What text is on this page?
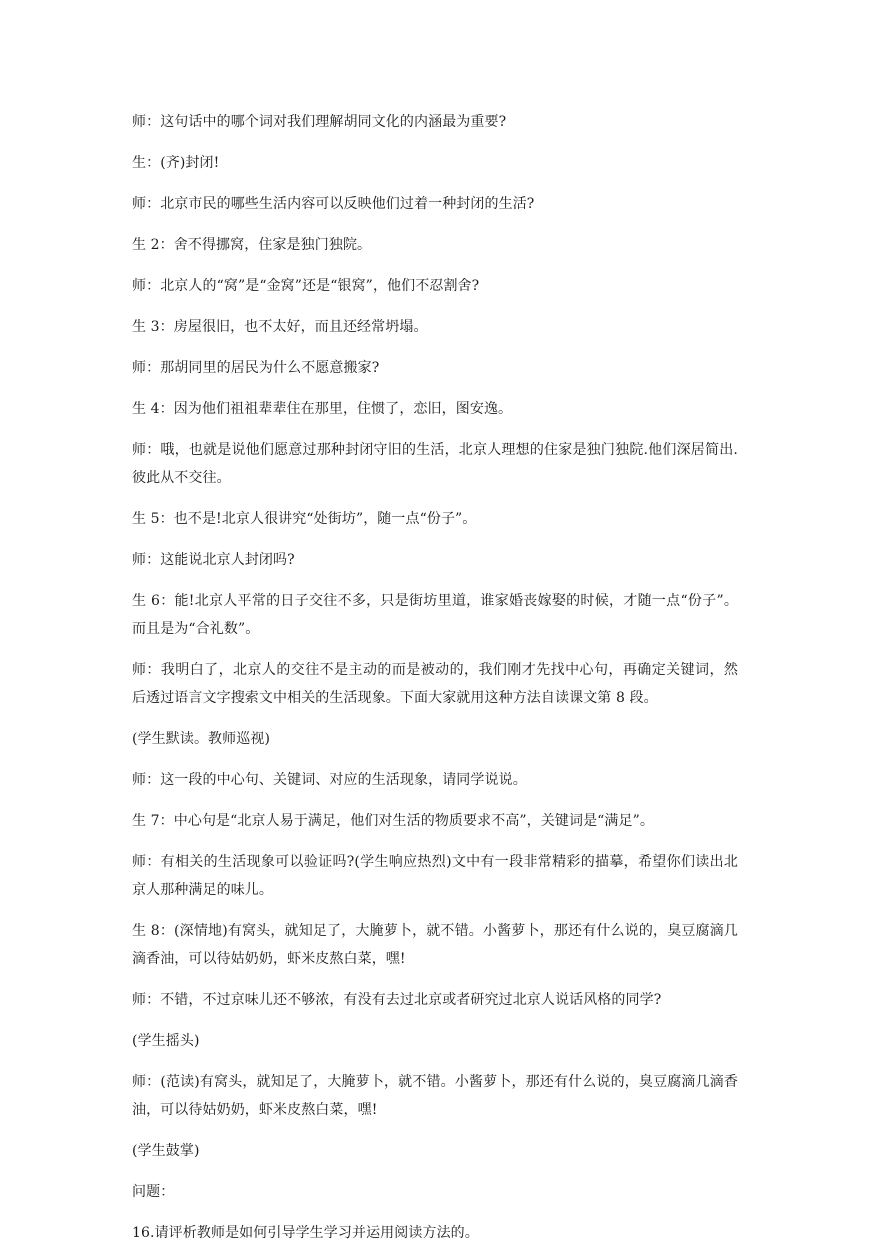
师：这句话中的哪个词对我们理解胡同文化的内涵最为重要?

生：(齐)封闭!

师：北京市民的哪些生活内容可以反映他们过着一种封闭的生活?

生 2：舍不得挪窝，住家是独门独院。

师：北京人的“窝”是“金窝”还是“银窝”，他们不忍割舍?

生 3：房屋很旧，也不太好，而且还经常坍塌。

师：那胡同里的居民为什么不愿意搬家?

生 4：因为他们祖祖辈辈住在那里，住惯了，恋旧，图安逸。

师：哦，也就是说他们愿意过那种封闭守旧的生活，北京人理想的住家是独门独院.他们深居简出.彼此从不交往。

生 5：也不是!北京人很讲究“处街坊”，随一点“份子”。

师：这能说北京人封闭吗?

生 6：能!北京人平常的日子交往不多，只是街坊里道，谁家婚丧嫁娶的时候，才随一点“份子”。而且是为“合礼数”。

师：我明白了，北京人的交往不是主动的而是被动的，我们刚才先找中心句，再确定关键词，然后透过语言文字搜索文中相关的生活现象。下面大家就用这种方法自读课文第 8 段。

(学生默读。教师巡视)

师：这一段的中心句、关键词、对应的生活现象，请同学说说。

生 7：中心句是“北京人易于满足，他们对生活的物质要求不高”，关键词是“满足”。

师：有相关的生活现象可以验证吗?(学生响应热烈)文中有一段非常精彩的描摹，希望你们读出北京人那种满足的味儿。

生 8：(深情地)有窝头，就知足了，大腌萝卜，就不错。小酱萝卜，那还有什么说的，臭豆腐滴几滴香油，可以待姑奶奶，虾米皮熬白菜，嘿!

师：不错，不过京味儿还不够浓，有没有去过北京或者研究过北京人说话风格的同学?

(学生摇头)

师：(范读)有窝头，就知足了，大腌萝卜，就不错。小酱萝卜，那还有什么说的，臭豆腐滴几滴香油，可以待姑奶奶，虾米皮熬白菜，嘿!

(学生鼓掌)

问题：

16.请评析教师是如何引导学生学习并运用阅读方法的。
